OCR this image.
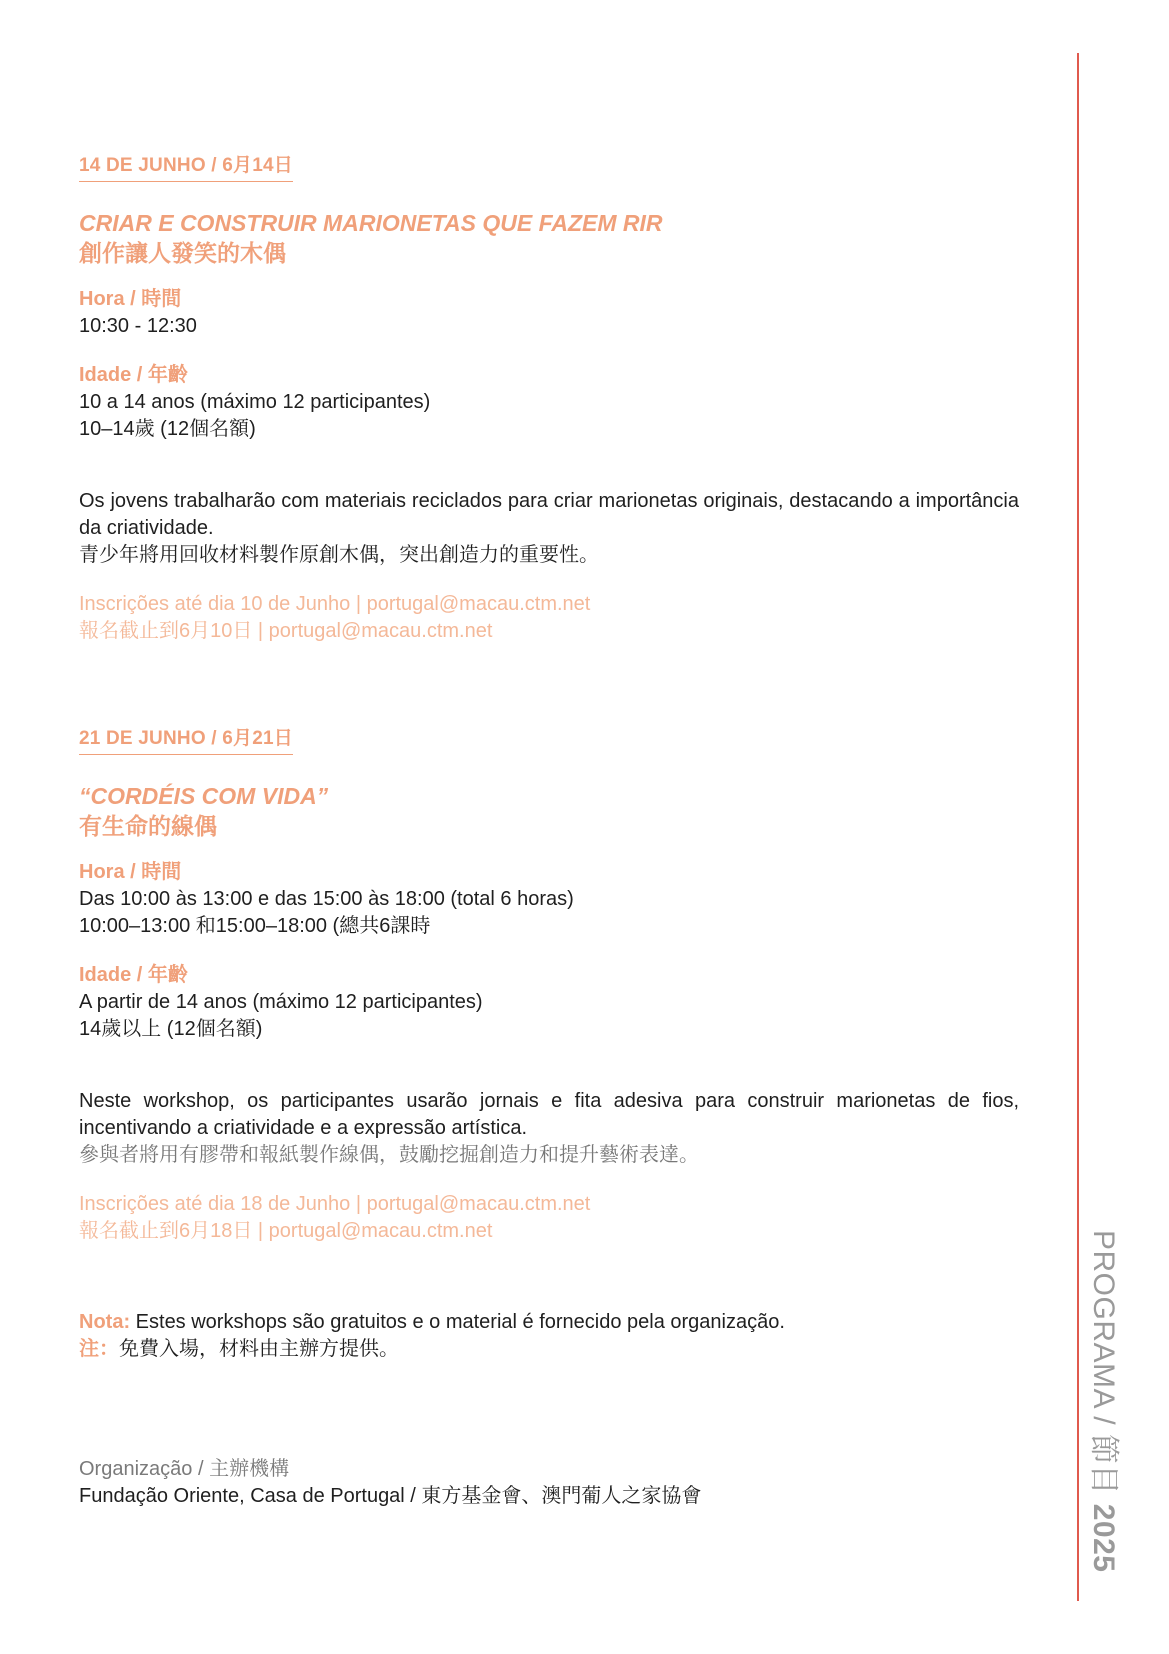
14 DE JUNHO / 6月14日
CRIAR E CONSTRUIR MARIONETAS QUE FAZEM RIR
創作讓人發笑的木偶
Hora / 時間
10:30 - 12:30
Idade / 年齡
10 a 14 anos (máximo 12 participantes)
10–14歲 (12個名額)
Os jovens trabalharão com materiais reciclados para criar marionetas originais, destacando a importância da criatividade.
青少年將用回收材料製作原創木偶，突出創造力的重要性。
Inscrições até dia 10 de Junho | portugal@macau.ctm.net
報名截止到6月10日 | portugal@macau.ctm.net
21 DE JUNHO / 6月21日
“CORDÉIS COM VIDA”
有生命的線偶
Hora / 時間
Das 10:00 às 13:00 e das 15:00 às 18:00 (total 6 horas)
10:00–13:00 和15:00–18:00 (總共6課時
Idade / 年齡
A partir de 14 anos (máximo 12 participantes)
14歲以上 (12個名額)
Neste workshop, os participantes usarão jornais e fita adesiva para construir marionetas de fios, incentivando a criatividade e a expressão artística.
參與者將用有膠帶和報紙製作線偶，鼓勵挖掘創造力和提升藝術表達。
Inscrições até dia 18 de Junho | portugal@macau.ctm.net
報名截止到6月18日 | portugal@macau.ctm.net
Nota: Estes workshops são gratuitos e o material é fornecido pela organização.
注：免費入場，材料由主辦方提供。
Organização / 主辦機構
Fundação Oriente, Casa de Portugal / 東方基金會、澳門葡人之家協會	PROGRAMA / 節目 2025
